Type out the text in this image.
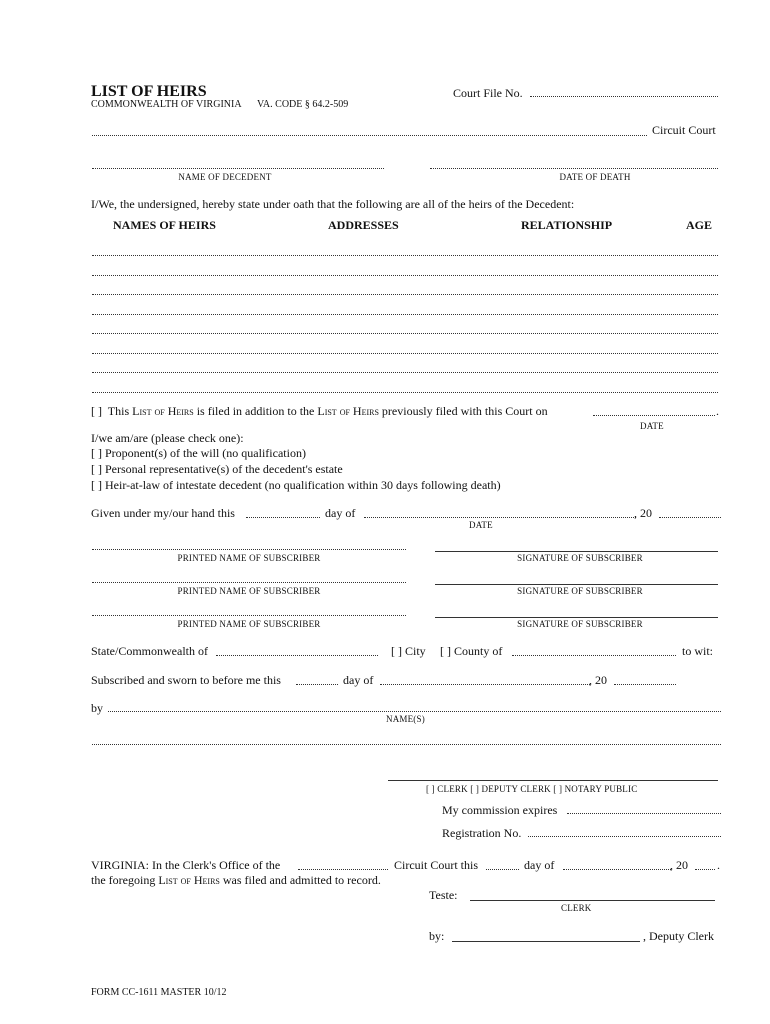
LIST OF HEIRS
COMMONWEALTH OF VIRGINIA VA. CODE § 64.2-509
Court File No.
Circuit Court
NAME OF DECEDENT	DATE OF DEATH
I/We, the undersigned, hereby state under oath that the following are all of the heirs of the Decedent:
NAMES OF HEIRS	ADDRESSES	RELATIONSHIP	AGE
[ ] This List of Heirs is filed in addition to the List of Heirs previously filed with this Court on	.
DATE
I/we am/are (please check one):
[ ] Proponent(s) of the will (no qualification)
[ ] Personal representative(s) of the decedent's estate
[ ] Heir-at-law of intestate decedent (no qualification within 30 days following death)
Given under my/our hand this	day of	, 20
DATE
PRINTED NAME OF SUBSCRIBER	SIGNATURE OF SUBSCRIBER
PRINTED NAME OF SUBSCRIBER	SIGNATURE OF SUBSCRIBER
PRINTED NAME OF SUBSCRIBER	SIGNATURE OF SUBSCRIBER
State/Commonwealth of	[ ] City [ ] County of	to wit:
Subscribed and sworn to before me this	day of	, 20
by
NAME(S)
[ ] CLERK [ ] DEPUTY CLERK [ ] NOTARY PUBLIC
My commission expires
Registration No.
VIRGINIA: In the Clerk's Office of the	Circuit Court this	day of	, 20 .
the foregoing List of Heirs was filed and admitted to record.
Teste:
CLERK
by:	, Deputy Clerk
FORM CC-1611 MASTER 10/12
